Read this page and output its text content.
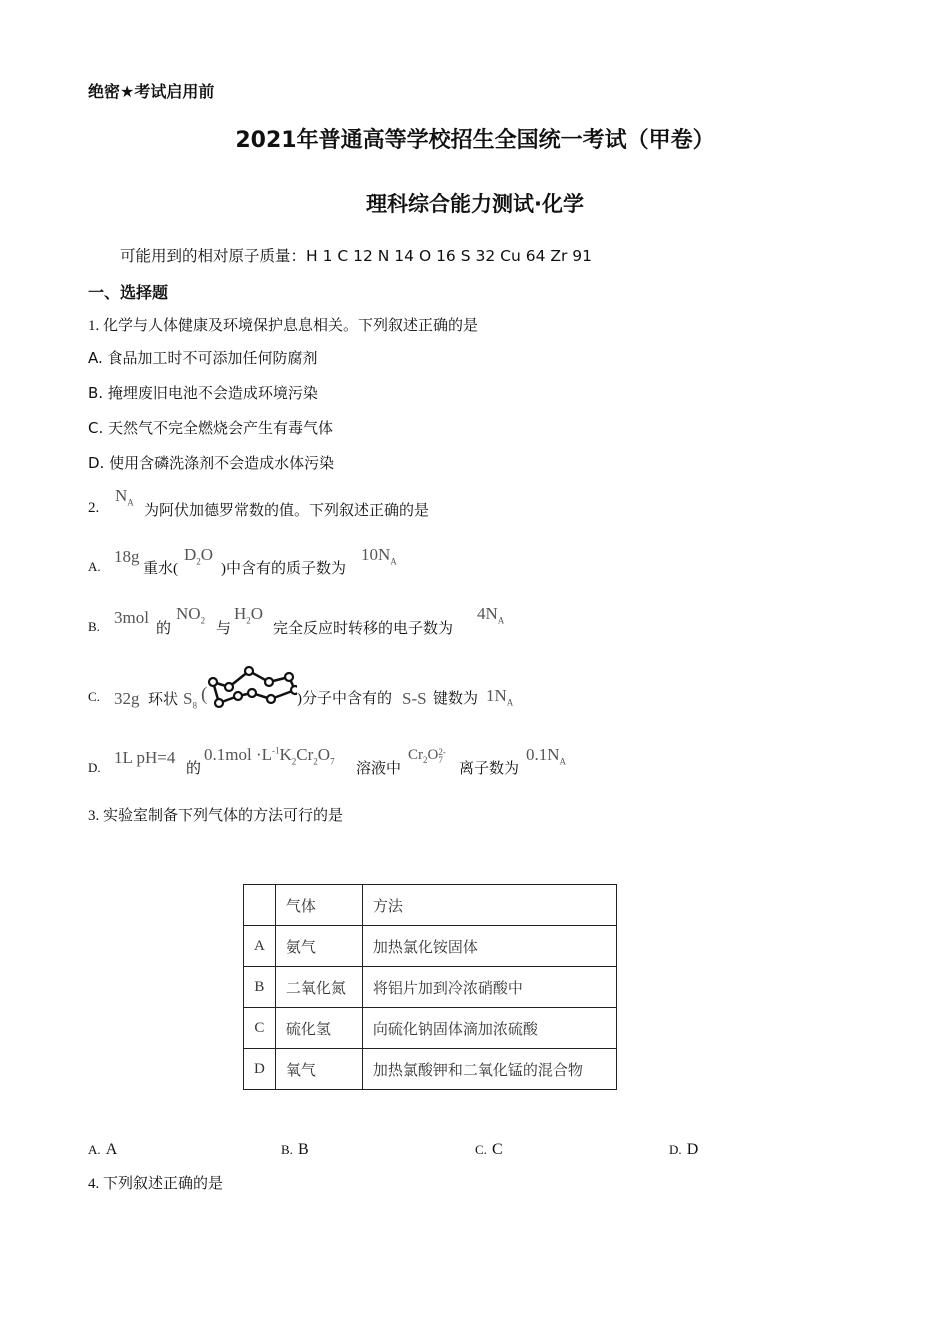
绝密★考试启用前
2021年普通高等学校招生全国统一考试（甲卷）
理科综合能力测试·化学
可能用到的相对原子质量：H 1 C 12 N 14 O 16 S 32 Cu 64 Zr 91
一、选择题
1. 化学与人体健康及环境保护息息相关。下列叙述正确的是
A. 食品加工时不可添加任何防腐剂
B. 掩埋废旧电池不会造成环境污染
C. 天然气不完全燃烧会产生有毒气体
D. 使用含磷洗涤剂不会造成水体污染
2.
$N_A$
为阿伏加德罗常数的值。下列叙述正确的是
A.
18g
重水(
$D_2O$
)中含有的质子数为
$10N_A$
B. 3mol
的
$NO_2$
与
$H_2O$
完全反应时转移的电子数为
$4N_A$
C. 32g 环状 $S_8$
(	)分子中含有的 S-S 键数为 $1N_A$
D.
1L pH=4
的
$0.1mol \cdot L^{-1}K_2Cr_2O_7$ 溶液中
$Cr_2O$ 2-
7
离子数为
$0.1N_A$
3. 实验室制备下列气体的方法可行的是
	气体	方法
A	氨气	加热氯化铵固体
B	二氧化氮	将铝片加到冷浓硝酸中
C	硫化氢	向硫化钠固体滴加浓硫酸
D	氧气	加热氯酸钾和二氧化锰的混合物
A. A	B. B	C. C	D. D
4. 下列叙述正确的是
